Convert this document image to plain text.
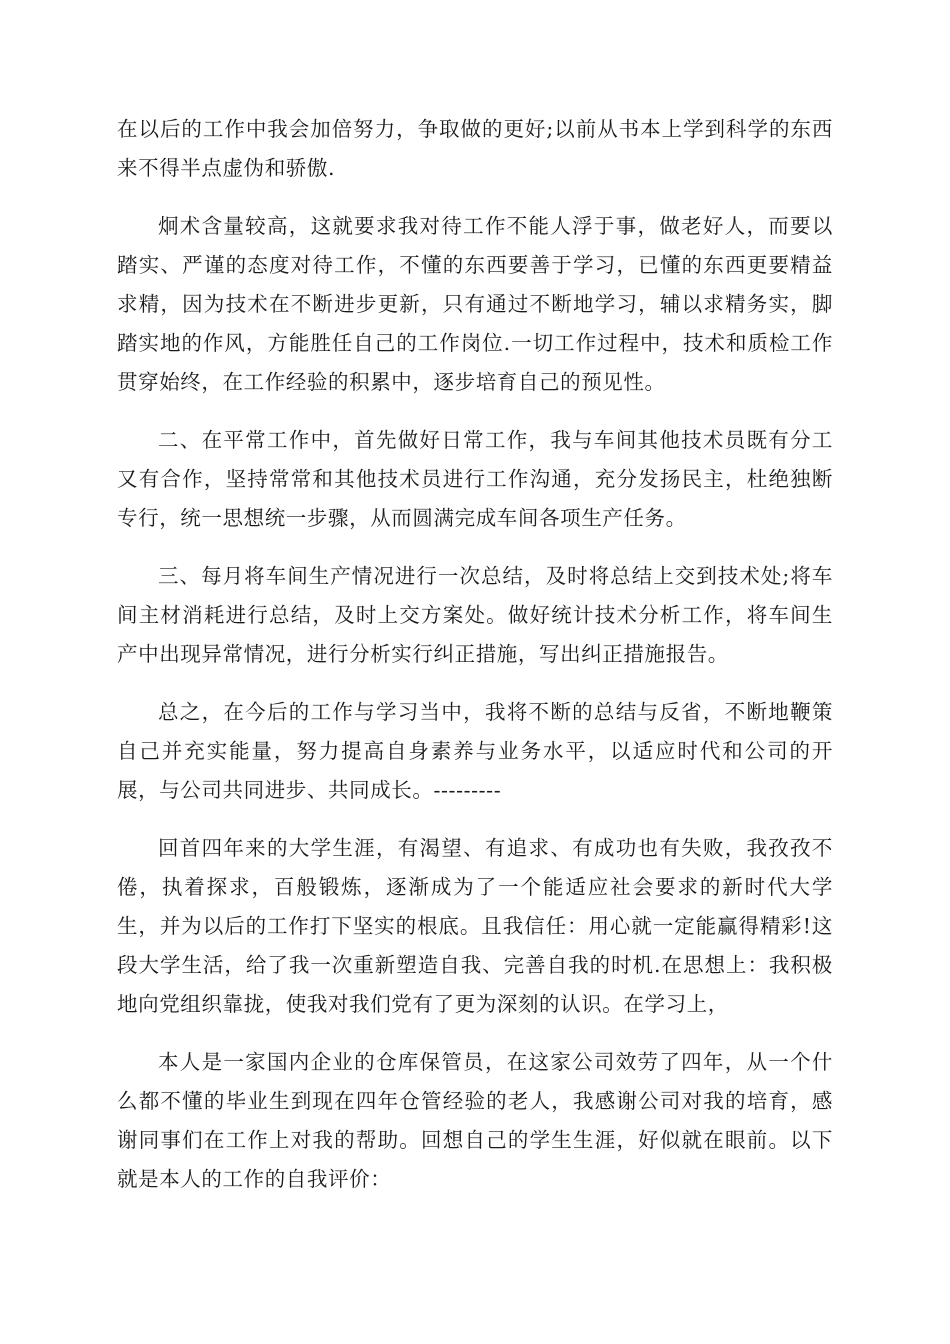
在以后的工作中我会加倍努力，争取做的更好;以前从书本上学到科学的东西来不得半点虚伪和骄傲.

炯术含量较高，这就要求我对待工作不能人浮于事，做老好人，而要以踏实、严谨的态度对待工作，不懂的东西要善于学习，已懂的东西更要精益求精，因为技术在不断进步更新，只有通过不断地学习，辅以求精务实，脚踏实地的作风，方能胜任自己的工作岗位.一切工作过程中，技术和质检工作贯穿始终，在工作经验的积累中，逐步培育自己的预见性。

二、在平常工作中，首先做好日常工作，我与车间其他技术员既有分工又有合作，坚持常常和其他技术员进行工作沟通，充分发扬民主，杜绝独断专行，统一思想统一步骤，从而圆满完成车间各项生产任务。

三、每月将车间生产情况进行一次总结，及时将总结上交到技术处;将车间主材消耗进行总结，及时上交方案处。做好统计技术分析工作，将车间生产中出现异常情况，进行分析实行纠正措施，写出纠正措施报告。

总之，在今后的工作与学习当中，我将不断的总结与反省，不断地鞭策自己并充实能量，努力提高自身素养与业务水平，以适应时代和公司的开展，与公司共同进步、共同成长。---------

回首四年来的大学生涯，有渴望、有追求、有成功也有失败，我孜孜不倦，执着探求，百般锻炼，逐渐成为了一个能适应社会要求的新时代大学生，并为以后的工作打下坚实的根底。且我信任：用心就一定能赢得精彩!这段大学生活，给了我一次重新塑造自我、完善自我的时机.在思想上：我积极地向党组织靠拢，使我对我们党有了更为深刻的认识。在学习上，

本人是一家国内企业的仓库保管员，在这家公司效劳了四年，从一个什么都不懂的毕业生到现在四年仓管经验的老人，我感谢公司对我的培育，感谢同事们在工作上对我的帮助。回想自己的学生生涯，好似就在眼前。以下就是本人的工作的自我评价：
